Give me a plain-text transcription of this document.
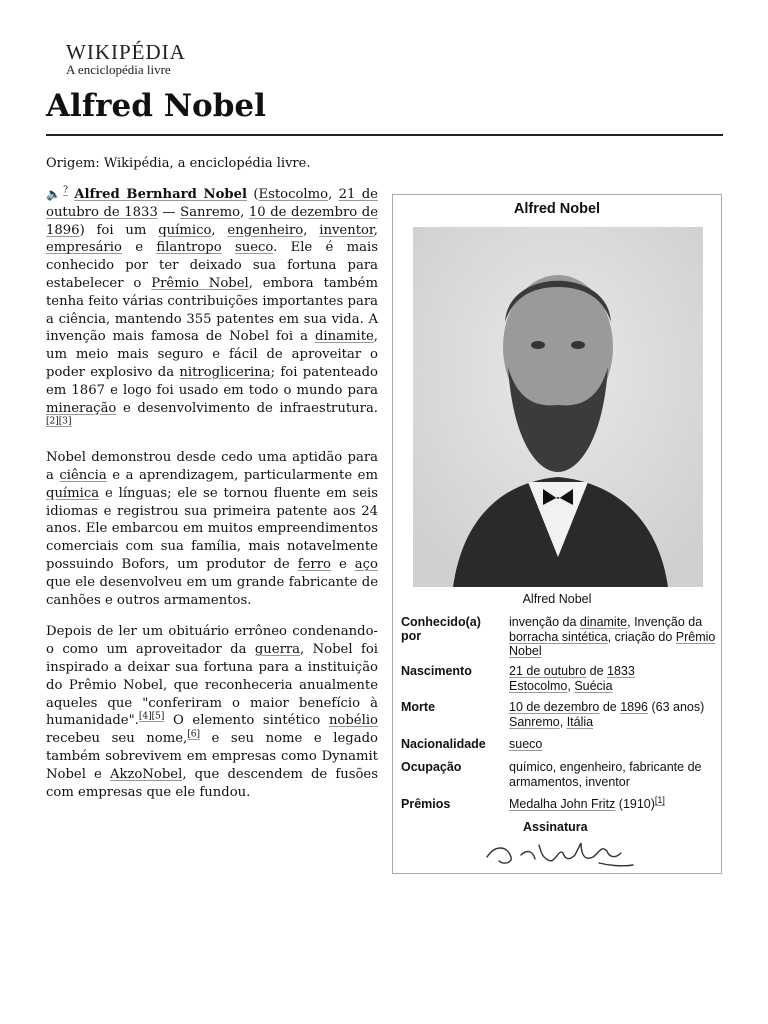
WIKIPÉDIA
A enciclopédia livre
Alfred Nobel
Origem: Wikipédia, a enciclopédia livre.

🔈? Alfred Bernhard Nobel (Estocolmo, 21 de outubro de 1833 — Sanremo, 10 de dezembro de 1896) foi um químico, engenheiro, inventor, empresário e filantropo sueco. Ele é mais conhecido por ter deixado sua fortuna para estabelecer o Prêmio Nobel, embora também tenha feito várias contribuições importantes para a ciência, mantendo 355 patentes em sua vida. A invenção mais famosa de Nobel foi a dinamite, um meio mais seguro e fácil de aproveitar o poder explosivo da nitroglicerina; foi patenteado em 1867 e logo foi usado em todo o mundo para mineração e desenvolvimento de infraestrutura.[2][3]

Nobel demonstrou desde cedo uma aptidão para a ciência e a aprendizagem, particularmente em química e línguas; ele se tornou fluente em seis idiomas e registrou sua primeira patente aos 24 anos. Ele embarcou em muitos empreendimentos comerciais com sua família, mais notavelmente possuindo Bofors, um produtor de ferro e aço que ele desenvolveu em um grande fabricante de canhões e outros armamentos.

Depois de ler um obituário errôneo condenando-o como um aproveitador da guerra, Nobel foi inspirado a deixar sua fortuna para a instituição do Prêmio Nobel, que reconheceria anualmente aqueles que "conferiram o maior benefício à humanidade".[4][5] O elemento sintético nobélio recebeu seu nome,[6] e seu nome e legado também sobrevivem em empresas como Dynamit Nobel e AkzoNobel, que descendem de fusões com empresas que ele fundou.

Alfred Nobel
Alfred Nobel
Conhecido(a) por
invenção da dinamite, Invenção da borracha sintética, criação do Prêmio Nobel
Nascimento	21 de outubro de 1833
Estocolmo, Suécia
Morte	10 de dezembro de 1896 (63 anos)
Sanremo, Itália
Nacionalidade	sueco
Ocupação	químico, engenheiro, fabricante de armamentos, inventor
Prêmios	Medalha John Fritz (1910)[1]
Assinatura
